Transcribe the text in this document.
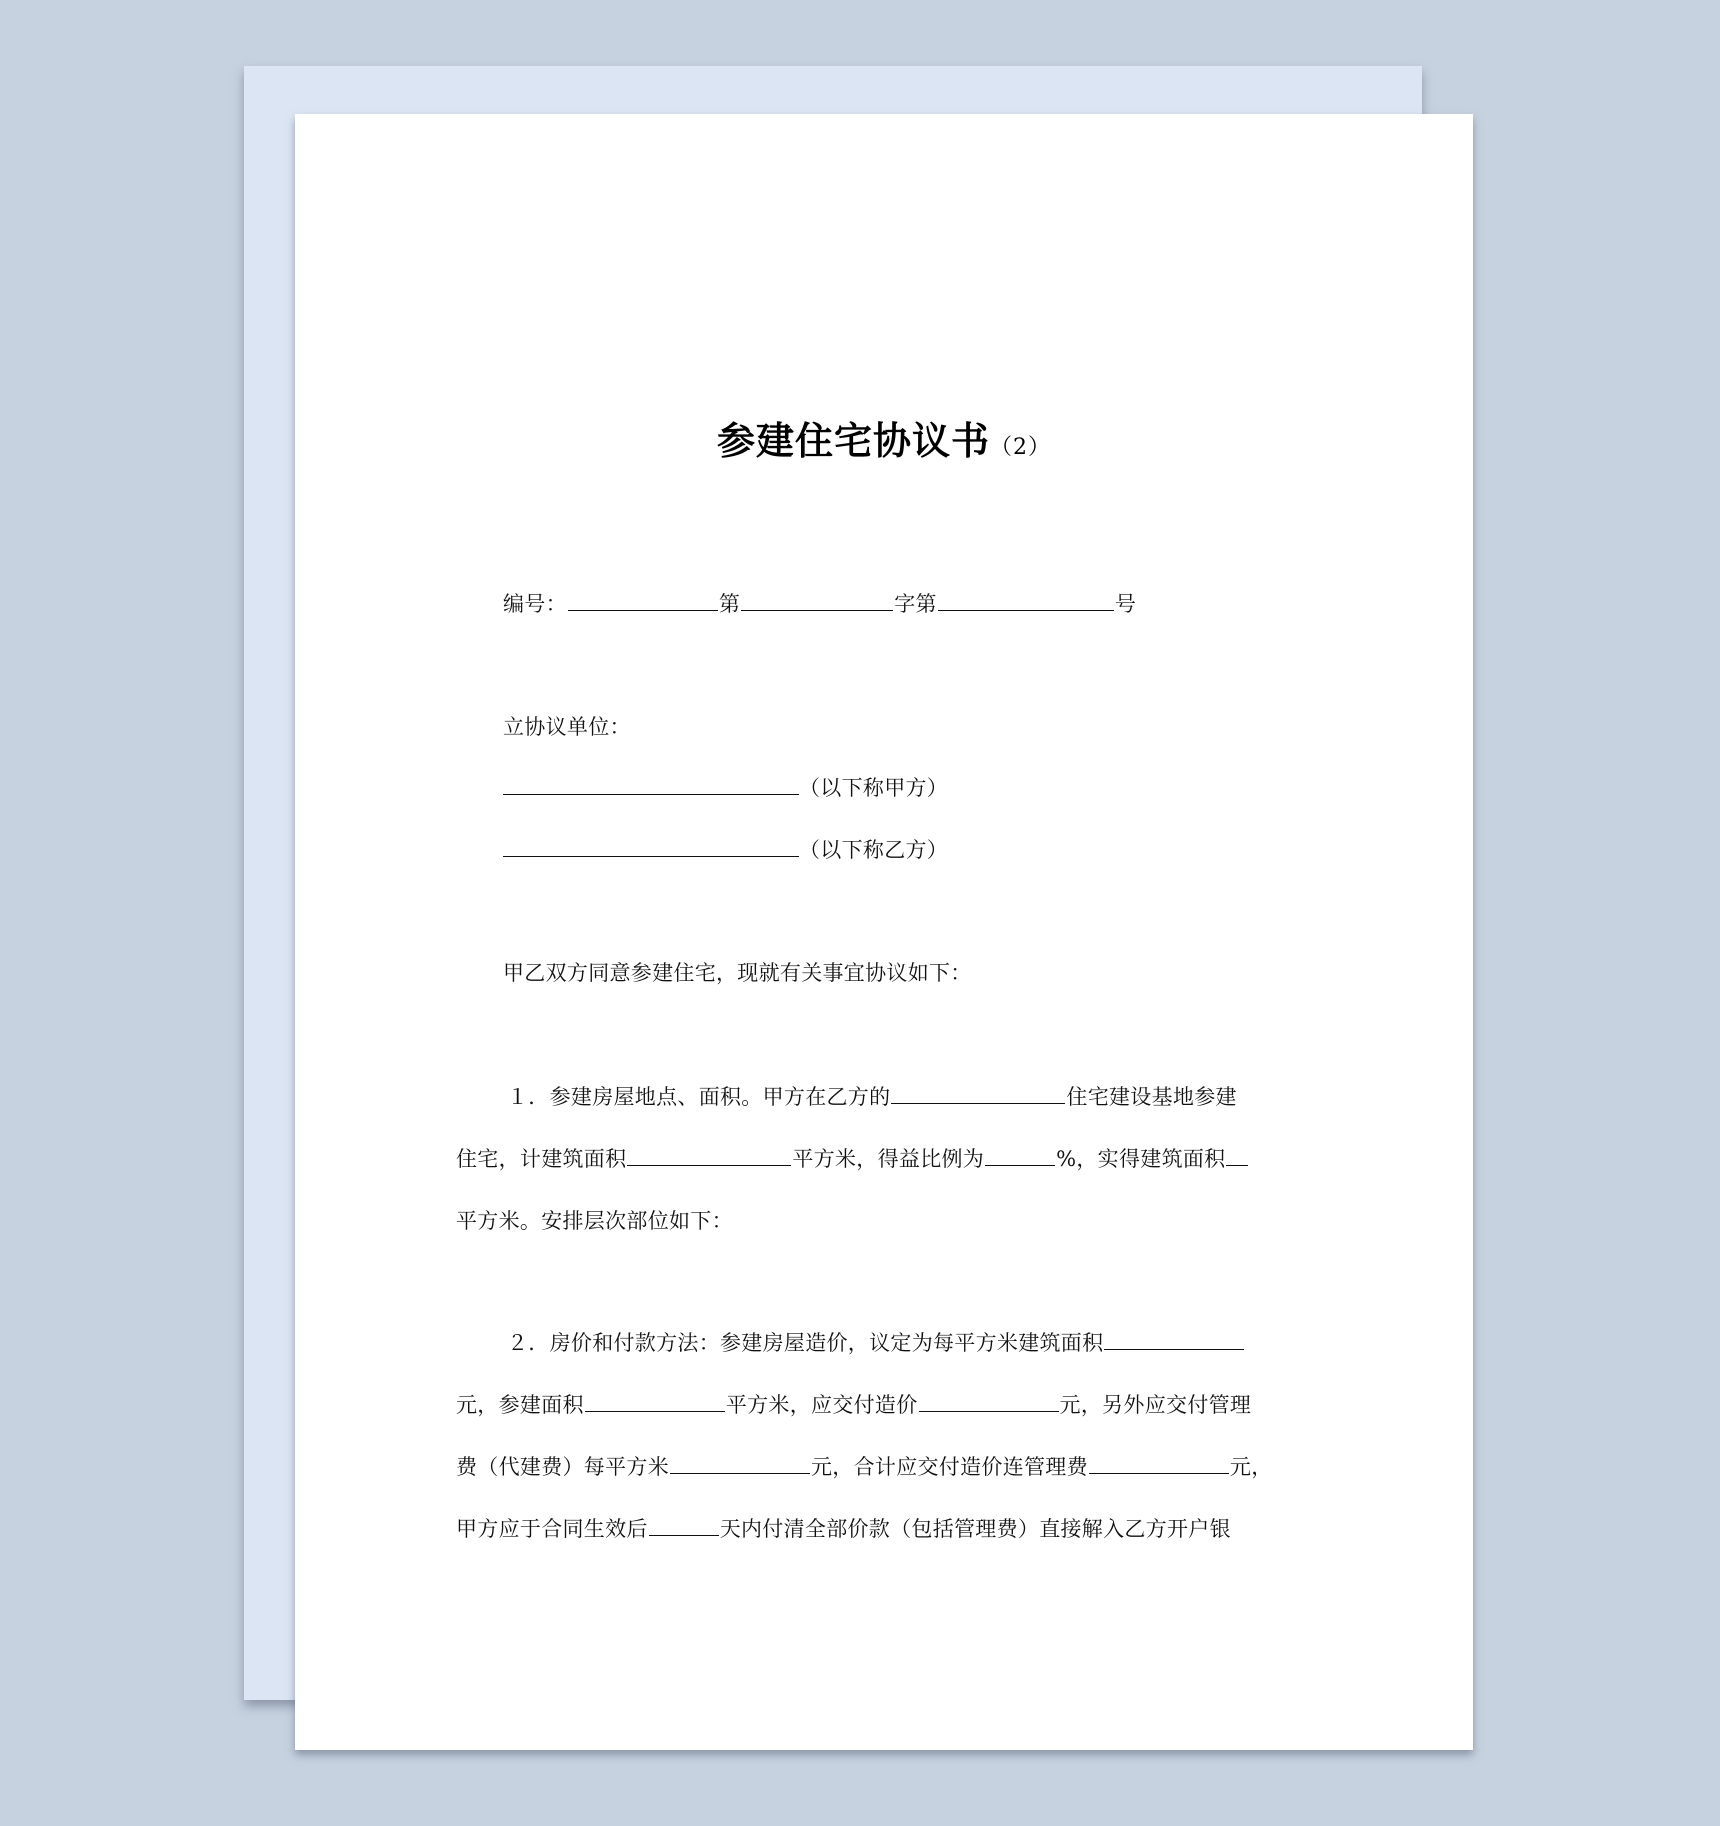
参建住宅协议书（2）
编号：	第	字第	号
立协议单位：
（以下称甲方）
（以下称乙方）
甲乙双方同意参建住宅，现就有关事宜协议如下：
１．参建房屋地点、面积。甲方在乙方的	住宅建设基地参建
住宅，计建筑面积	平方米，得益比例为	%，实得建筑面积
平方米。安排层次部位如下：
２．房价和付款方法：参建房屋造价，议定为每平方米建筑面积
元，参建面积	平方米，应交付造价	元，另外应交付管理
费（代建费）每平方米	元，合计应交付造价连管理费	元，
甲方应于合同生效后	天内付清全部价款（包括管理费）直接解入乙方开户银
